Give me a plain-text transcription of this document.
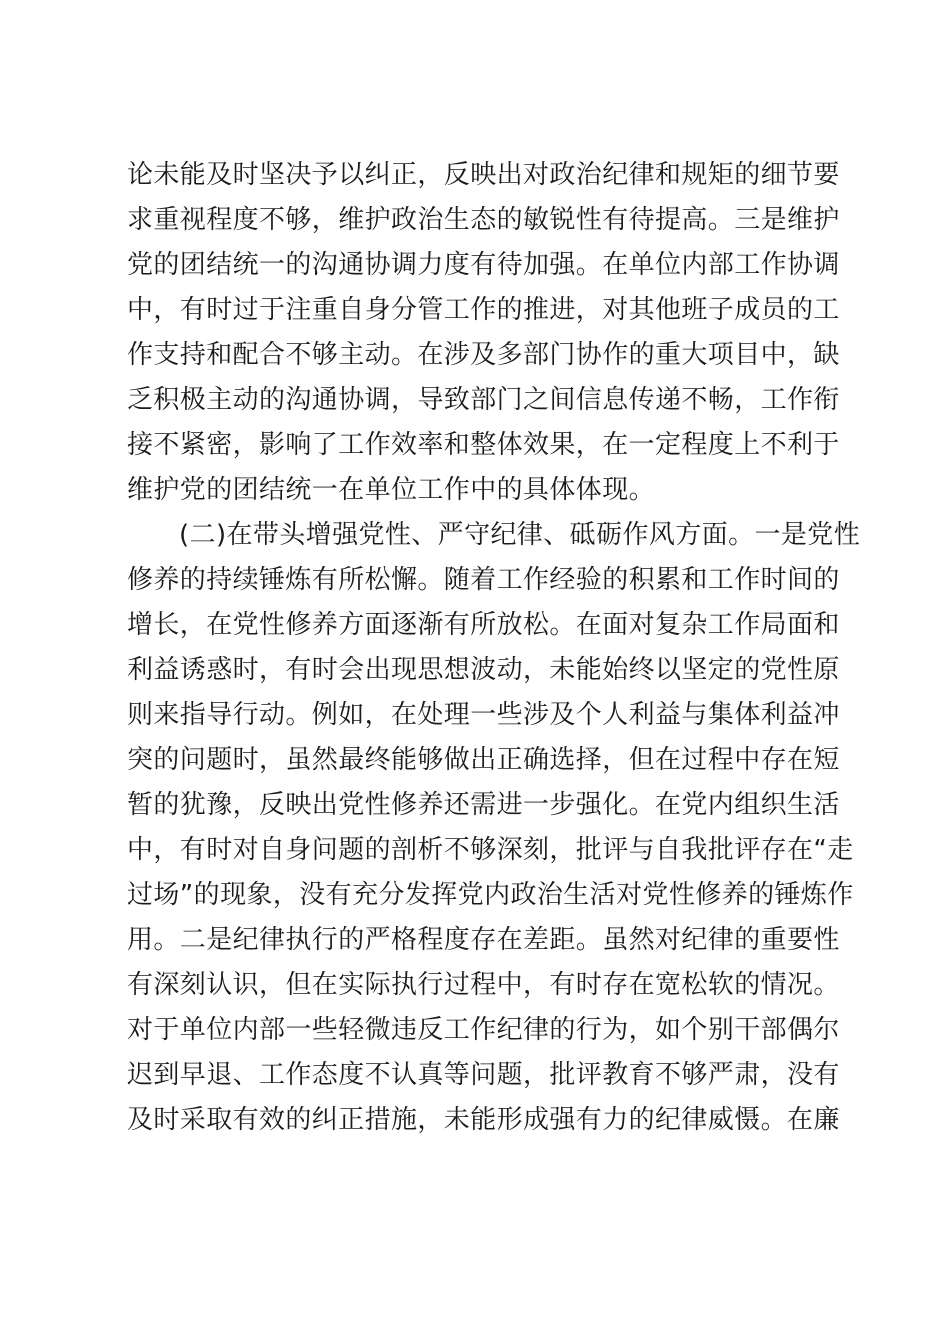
论未能及时坚决予以纠正，反映出对政治纪律和规矩的细节要
求重视程度不够，维护政治生态的敏锐性有待提高。三是维护
党的团结统一的沟通协调力度有待加强。在单位内部工作协调
中，有时过于注重自身分管工作的推进，对其他班子成员的工
作支持和配合不够主动。在涉及多部门协作的重大项目中，缺
乏积极主动的沟通协调，导致部门之间信息传递不畅，工作衔
接不紧密，影响了工作效率和整体效果，在一定程度上不利于
维护党的团结统一在单位工作中的具体体现。
(二)在带头增强党性、严守纪律、砥砺作风方面。一是党性
修养的持续锤炼有所松懈。随着工作经验的积累和工作时间的
增长，在党性修养方面逐渐有所放松。在面对复杂工作局面和
利益诱惑时，有时会出现思想波动，未能始终以坚定的党性原
则来指导行动。例如，在处理一些涉及个人利益与集体利益冲
突的问题时，虽然最终能够做出正确选择，但在过程中存在短
暂的犹豫，反映出党性修养还需进一步强化。在党内组织生活
中，有时对自身问题的剖析不够深刻，批评与自我批评存在“走
过场”的现象，没有充分发挥党内政治生活对党性修养的锤炼作
用。二是纪律执行的严格程度存在差距。虽然对纪律的重要性
有深刻认识，但在实际执行过程中，有时存在宽松软的情况。
对于单位内部一些轻微违反工作纪律的行为，如个别干部偶尔
迟到早退、工作态度不认真等问题，批评教育不够严肃，没有
及时采取有效的纠正措施，未能形成强有力的纪律威慑。在廉
